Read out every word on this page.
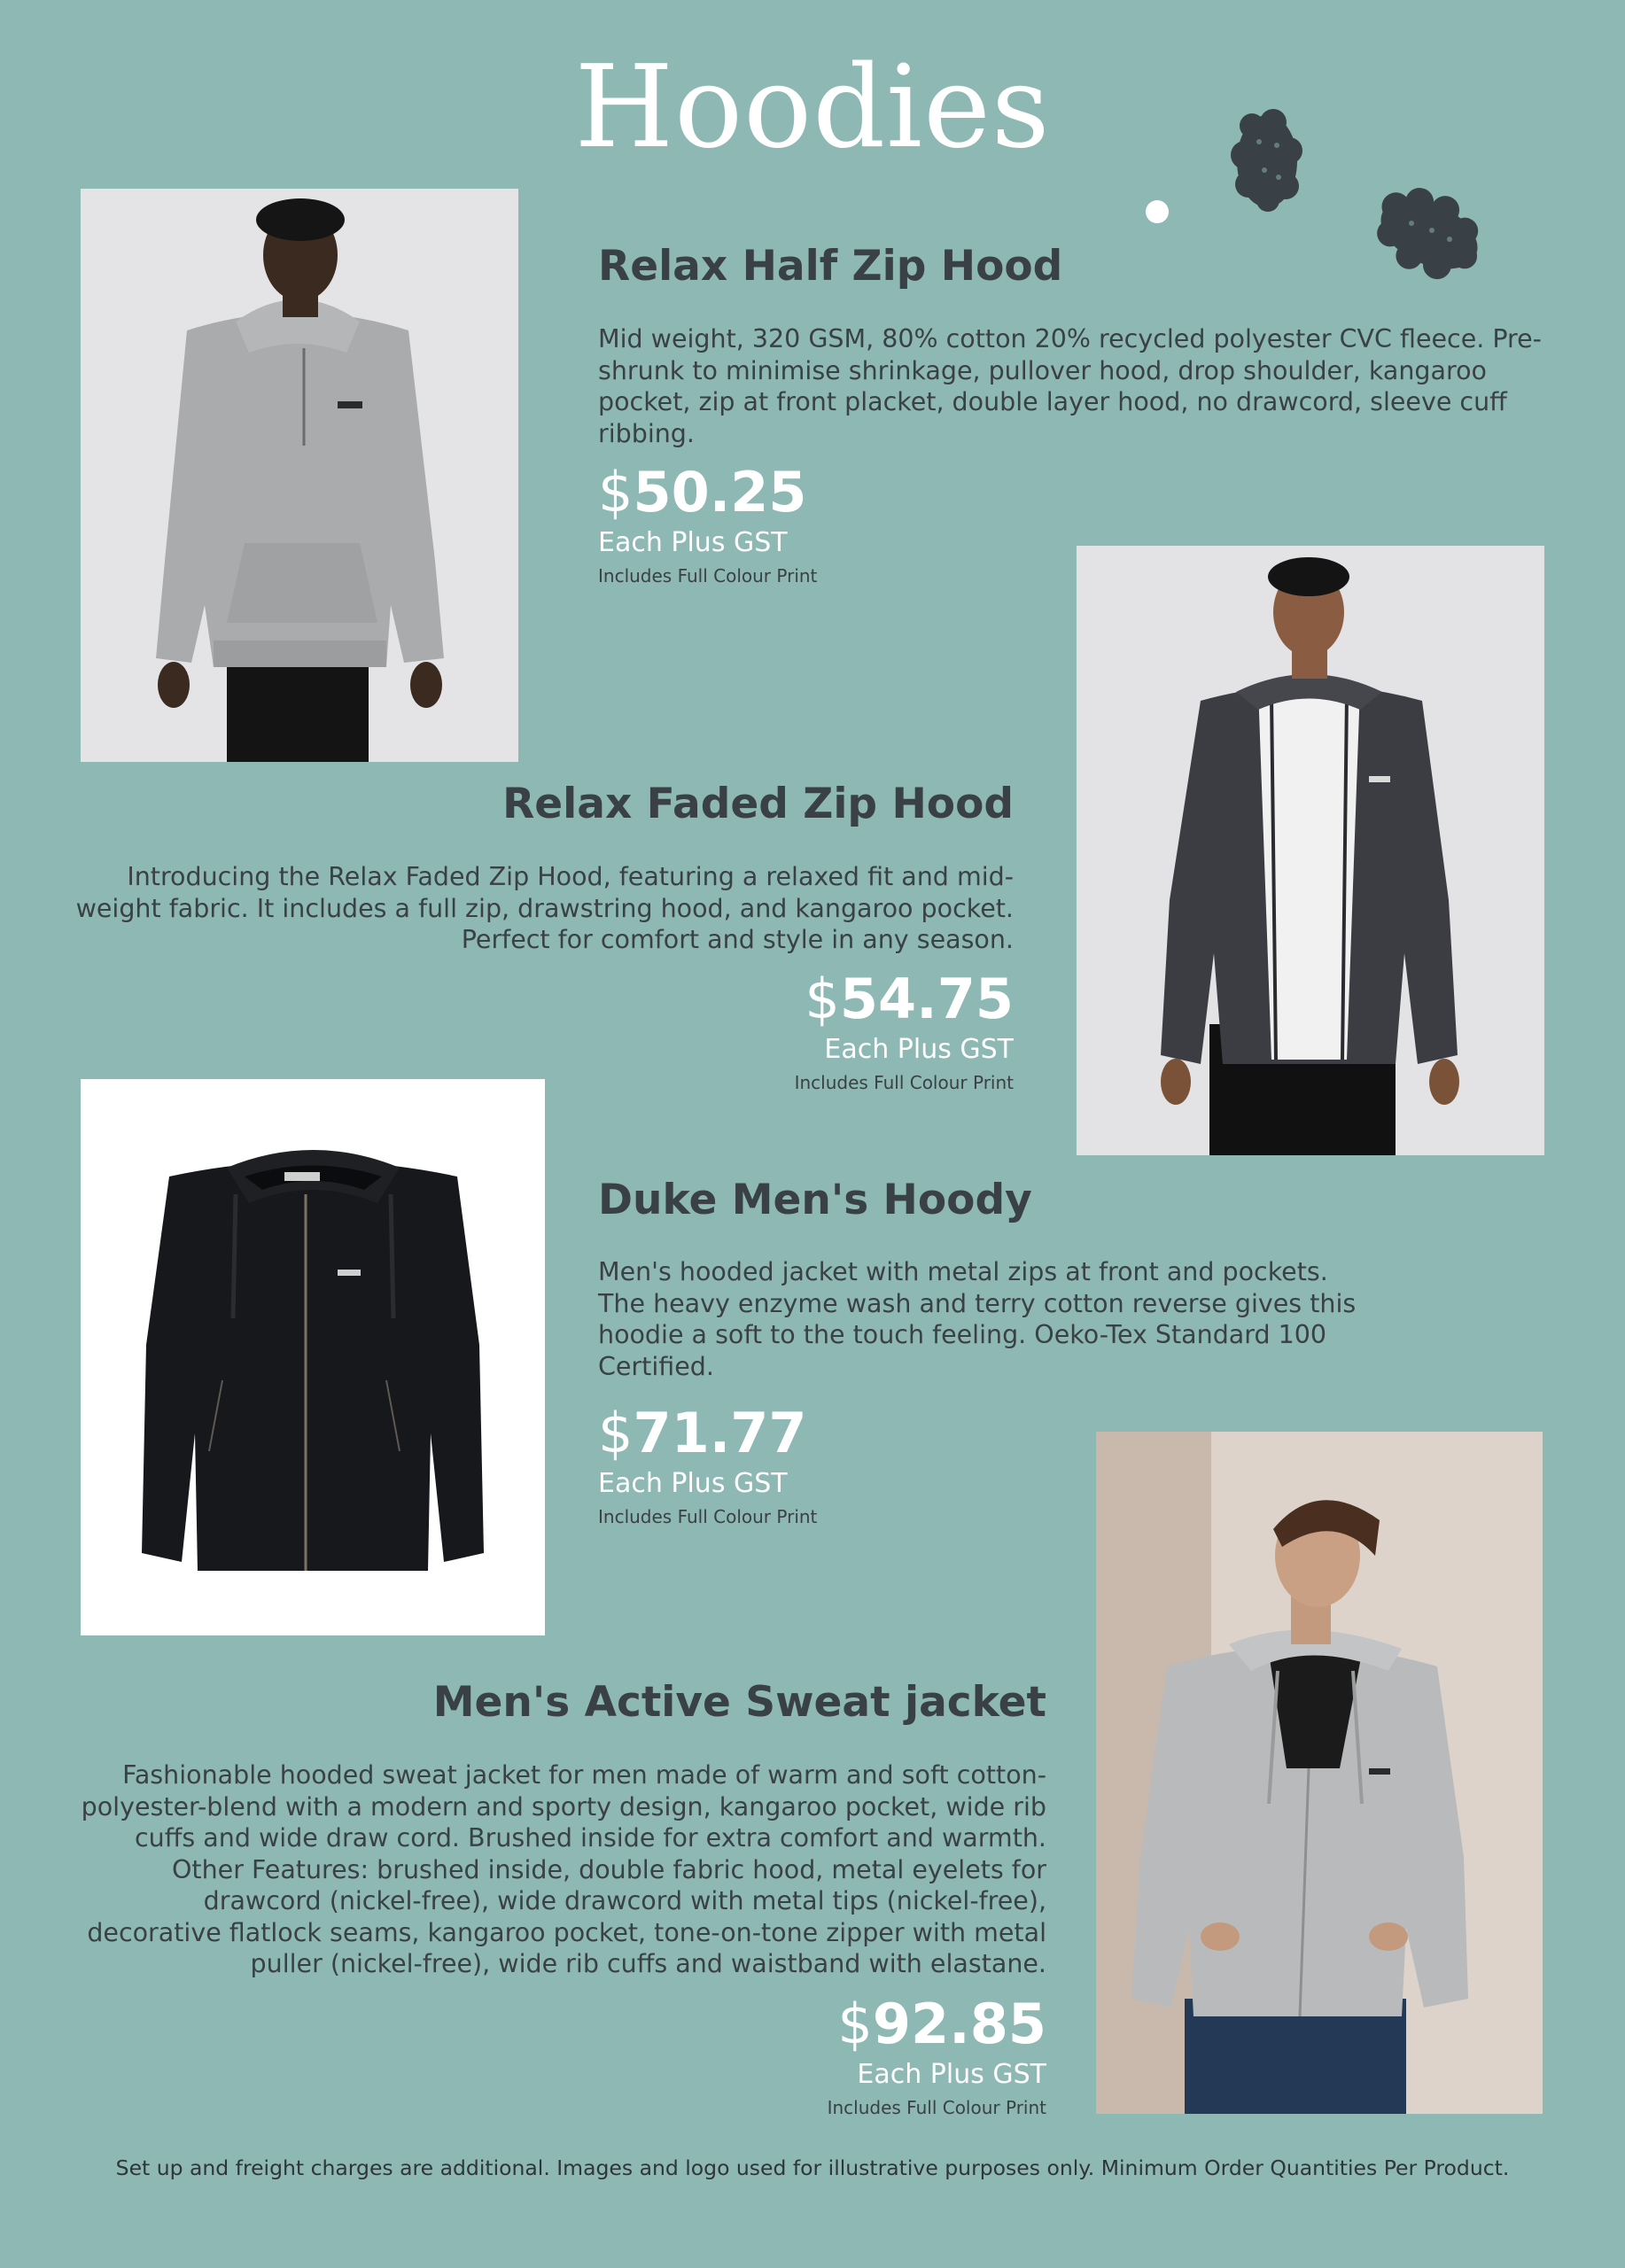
Hoodies
Relax Half Zip Hood
Mid weight, 320 GSM, 80% cotton 20% recycled polyester CVC fleece. Pre-shrunk to minimise shrinkage, pullover hood, drop shoulder, kangaroo pocket, zip at front placket, double layer hood, no drawcord, sleeve cuff ribbing.
$50.25
Each Plus GST
Includes Full Colour Print
Relax Faded Zip Hood
Introducing the Relax Faded Zip Hood, featuring a relaxed fit and mid-weight fabric. It includes a full zip, drawstring hood, and kangaroo pocket. Perfect for comfort and style in any season.
$54.75
Each Plus GST
Includes Full Colour Print
Duke Men's Hoody
Men's hooded jacket with metal zips at front and pockets. The heavy enzyme wash and terry cotton reverse gives this hoodie a soft to the touch feeling. Oeko-Tex Standard 100 Certified.
$71.77
Each Plus GST
Includes Full Colour Print
Men's Active Sweat jacket
Fashionable hooded sweat jacket for men made of warm and soft cotton-polyester-blend with a modern and sporty design, kangaroo pocket, wide rib cuffs and wide draw cord. Brushed inside for extra comfort and warmth. Other Features: brushed inside, double fabric hood, metal eyelets for drawcord (nickel-free), wide drawcord with metal tips (nickel-free), decorative flatlock seams, kangaroo pocket, tone-on-tone zipper with metal puller (nickel-free), wide rib cuffs and waistband with elastane.
$92.85
Each Plus GST
Includes Full Colour Print
Set up and freight charges are additional. Images and logo used for illustrative purposes only. Minimum Order Quantities Per Product.
